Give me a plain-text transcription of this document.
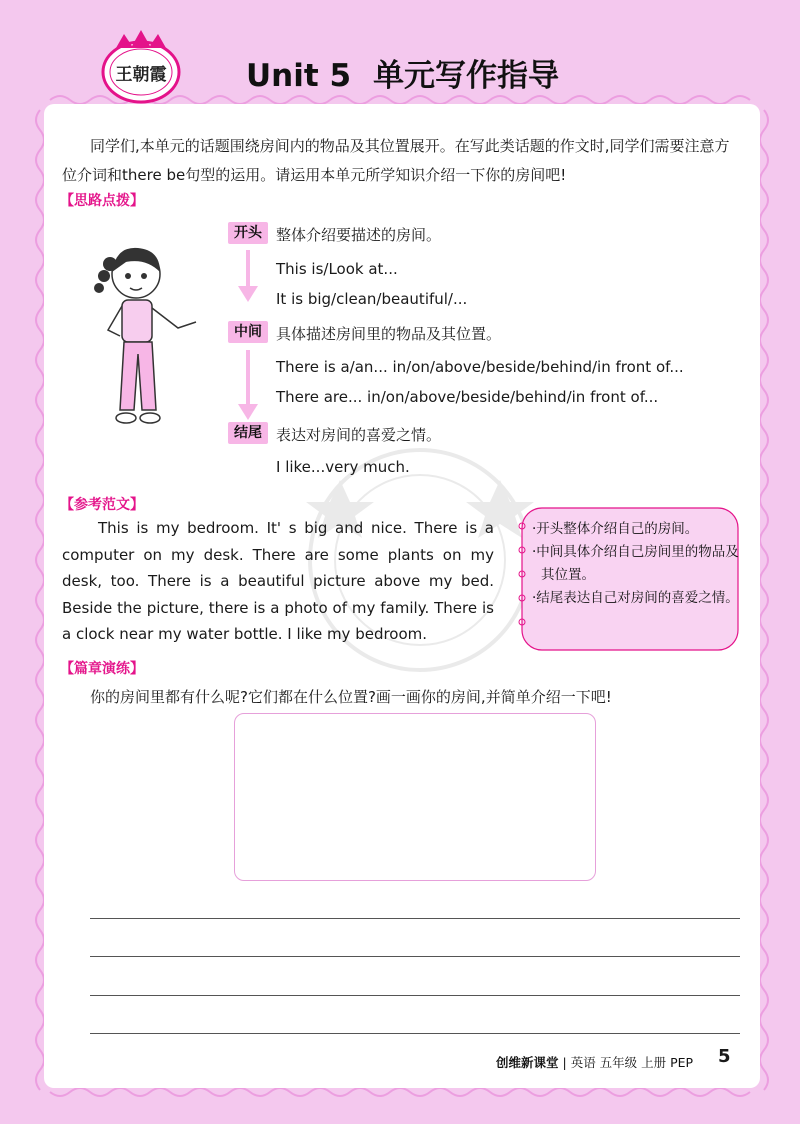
王朝霞	Unit 5 单元写作指导
同学们,本单元的话题围绕房间内的物品及其位置展开。在写此类话题的作文时,同学们需要注意方位介词和there be句型的运用。请运用本单元所学知识介绍一下你的房间吧!
【思路点拨】
开头 整体介绍要描述的房间。
This is/Look at...
It is big/clean/beautiful/...
中间 具体描述房间里的物品及其位置。
There is a/an... in/on/above/beside/behind/in front of...
There are... in/on/above/beside/behind/in front of...
结尾 表达对房间的喜爱之情。
I like...very much.
【参考范文】
This is my bedroom. It' s big and nice. There is a computer on my desk. There are some plants on my desk, too. There is a beautiful picture above my bed. Beside the picture, there is a photo of my family. There is a clock near my water bottle. I like my bedroom.
·开头整体介绍自己的房间。
·中间具体介绍自己房间里的物品及其位置。
·结尾表达自己对房间的喜爱之情。
【篇章演练】
你的房间里都有什么呢?它们都在什么位置?画一画你的房间,并简单介绍一下吧!
创维新课堂 | 英语 五年级 上册 PEP 5
